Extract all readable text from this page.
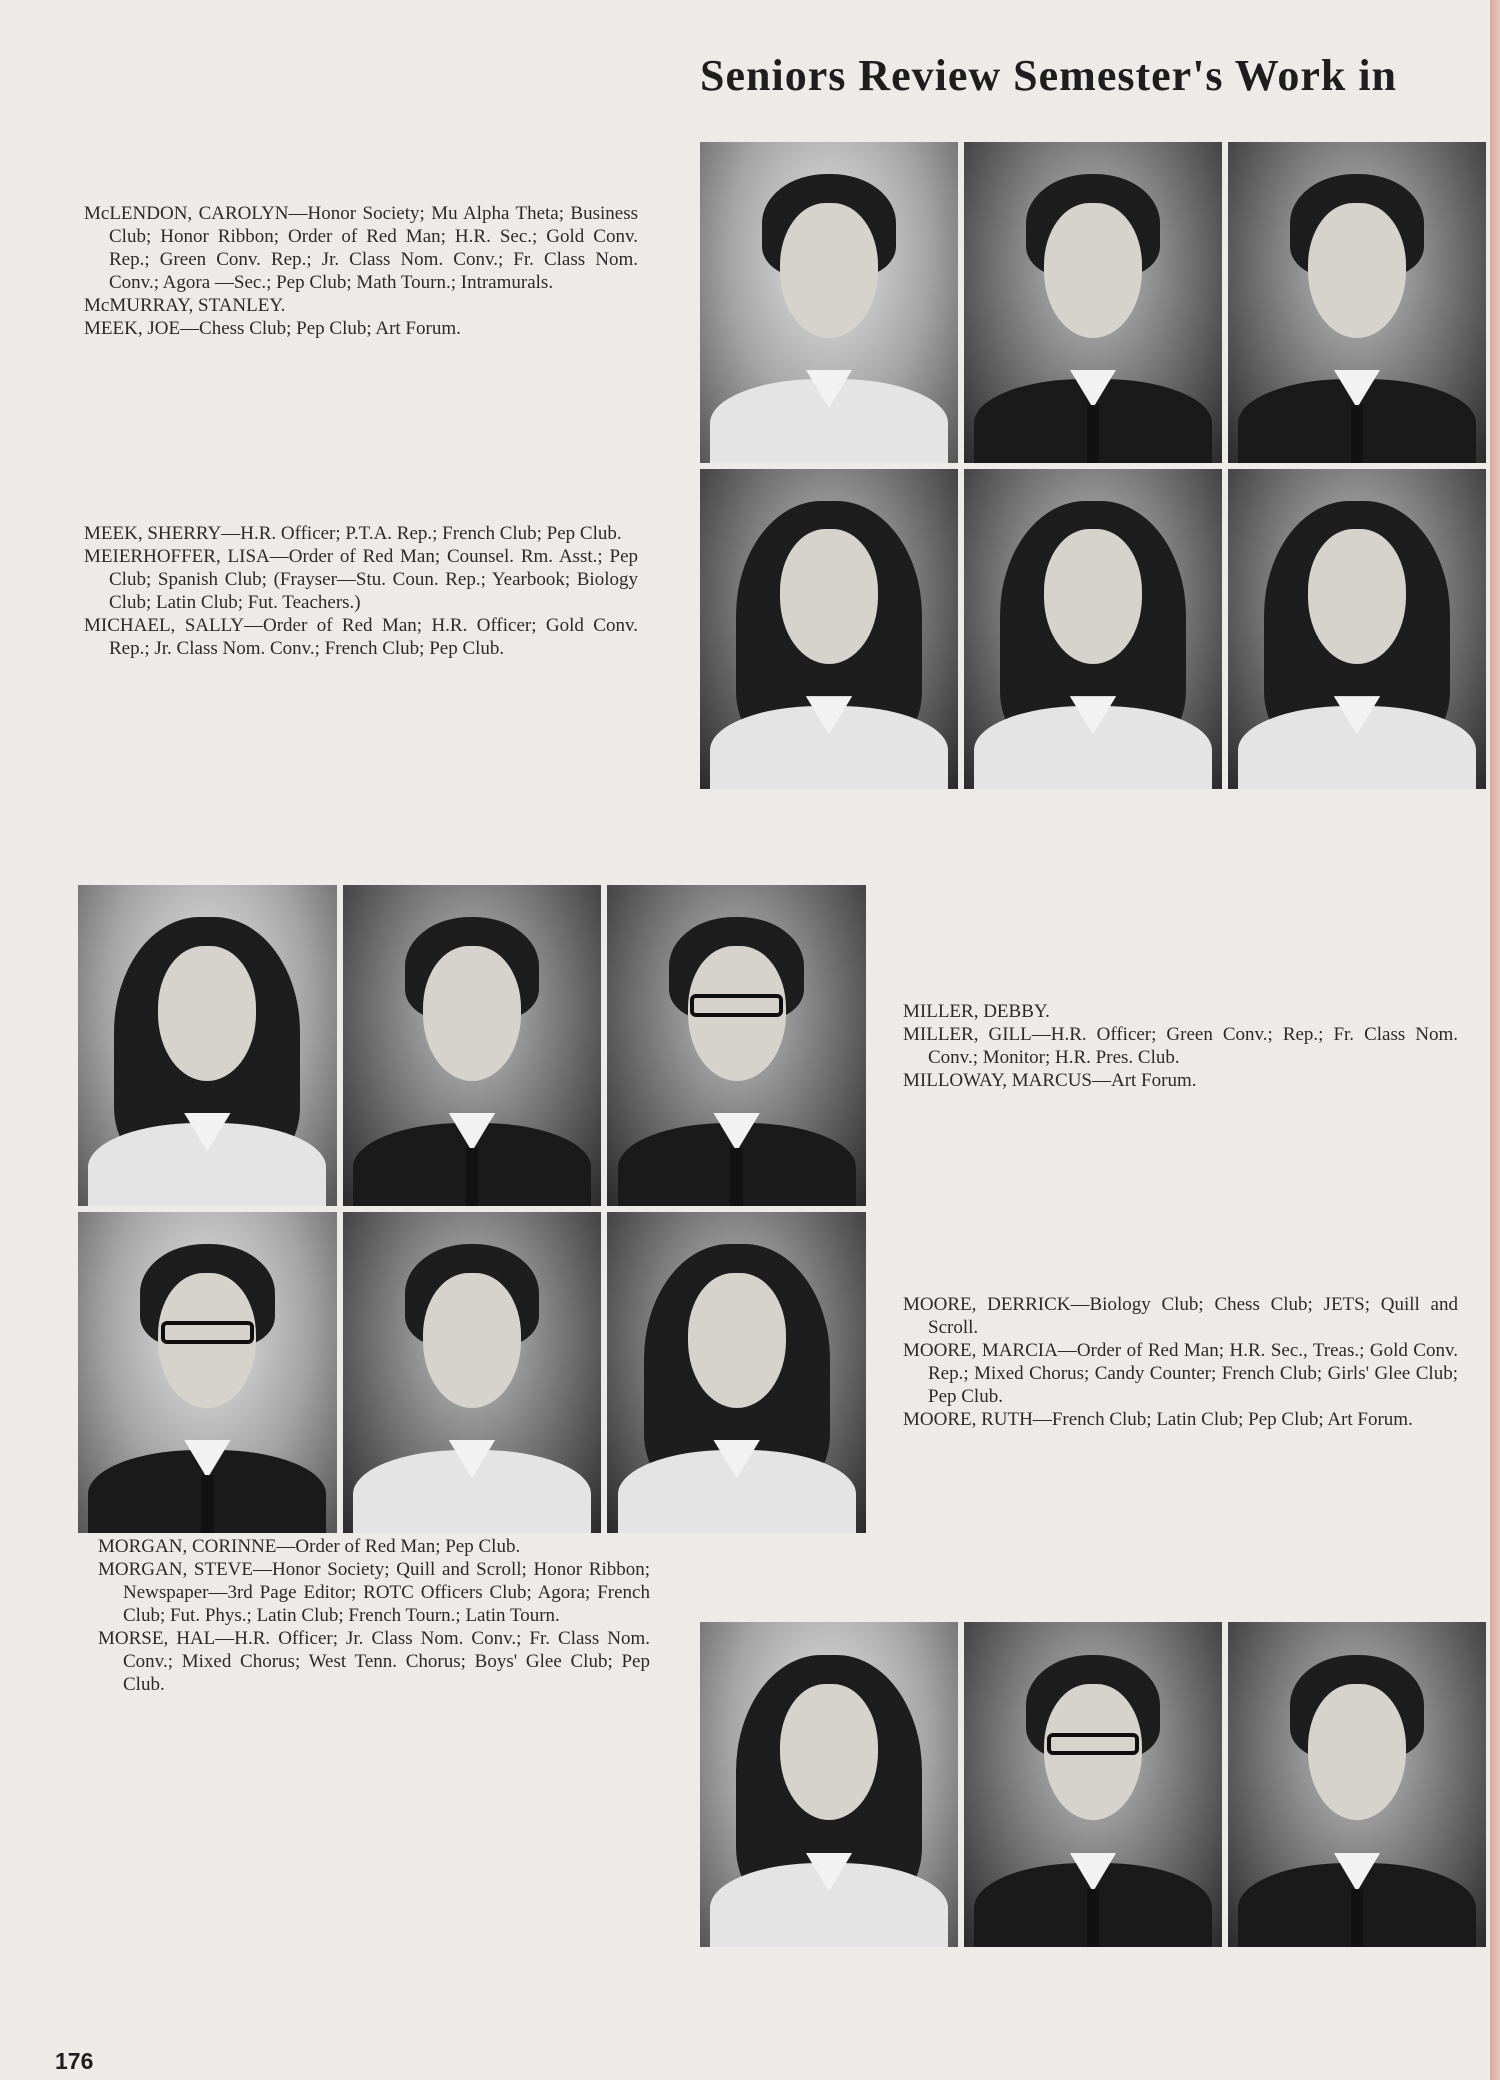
Seniors Review Semester's Work in
McLENDON, CAROLYN—Honor Society; Mu Alpha Theta; Business Club; Honor Ribbon; Order of Red Man; H.R. Sec.; Gold Conv. Rep.; Green Conv. Rep.; Jr. Class Nom. Conv.; Fr. Class Nom. Conv.; Agora —Sec.; Pep Club; Math Tourn.; Intramurals.
McMURRAY, STANLEY.
MEEK, JOE—Chess Club; Pep Club; Art Forum.
MEEK, SHERRY—H.R. Officer; P.T.A. Rep.; French Club; Pep Club.
MEIERHOFFER, LISA—Order of Red Man; Counsel. Rm. Asst.; Pep Club; Spanish Club; (Frayser—Stu. Coun. Rep.; Yearbook; Biology Club; Latin Club; Fut. Teachers.)
MICHAEL, SALLY—Order of Red Man; H.R. Officer; Gold Conv. Rep.; Jr. Class Nom. Conv.; French Club; Pep Club.
MILLER, DEBBY.
MILLER, GILL—H.R. Officer; Green Conv.; Rep.; Fr. Class Nom. Conv.; Monitor; H.R. Pres. Club.
MILLOWAY, MARCUS—Art Forum.
MOORE, DERRICK—Biology Club; Chess Club; JETS; Quill and Scroll.
MOORE, MARCIA—Order of Red Man; H.R. Sec., Treas.; Gold Conv. Rep.; Mixed Chorus; Candy Counter; French Club; Girls' Glee Club; Pep Club.
MOORE, RUTH—French Club; Latin Club; Pep Club; Art Forum.
MORGAN, CORINNE—Order of Red Man; Pep Club.
MORGAN, STEVE—Honor Society; Quill and Scroll; Honor Ribbon; Newspaper—3rd Page Editor; ROTC Officers Club; Agora; French Club; Fut. Phys.; Latin Club; French Tourn.; Latin Tourn.
MORSE, HAL—H.R. Officer; Jr. Class Nom. Conv.; Fr. Class Nom. Conv.; Mixed Chorus; West Tenn. Chorus; Boys' Glee Club; Pep Club.

176
